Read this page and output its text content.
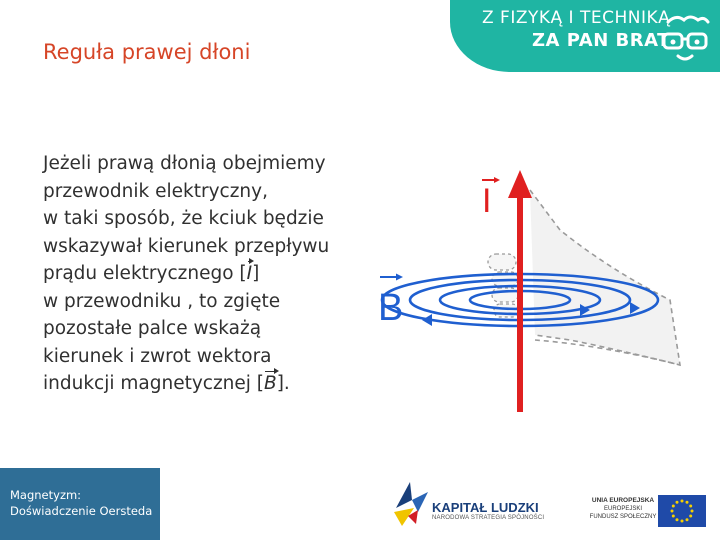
Z FIZYKĄ I TECHNIKĄ
ZA PAN BRAT
Reguła prawej dłoni
Jeżeli prawą dłonią obejmiemy
przewodnik elektryczny,
w taki sposób, że kciuk będzie
wskazywał kierunek przepływu
prądu elektrycznego [I]
w przewodniku , to zgięte
pozostałe palce wskażą
kierunek i zwrot wektora
indukcji magnetycznej [B].
I
B
Magnetyzm:
Doświadczenie Oersteda	KAPITAŁ LUDZKI
NARODOWA STRATEGIA SPÓJNOŚCI
UNIA EUROPEJSKA
EUROPEJSKI
FUNDUSZ SPOŁECZNY
